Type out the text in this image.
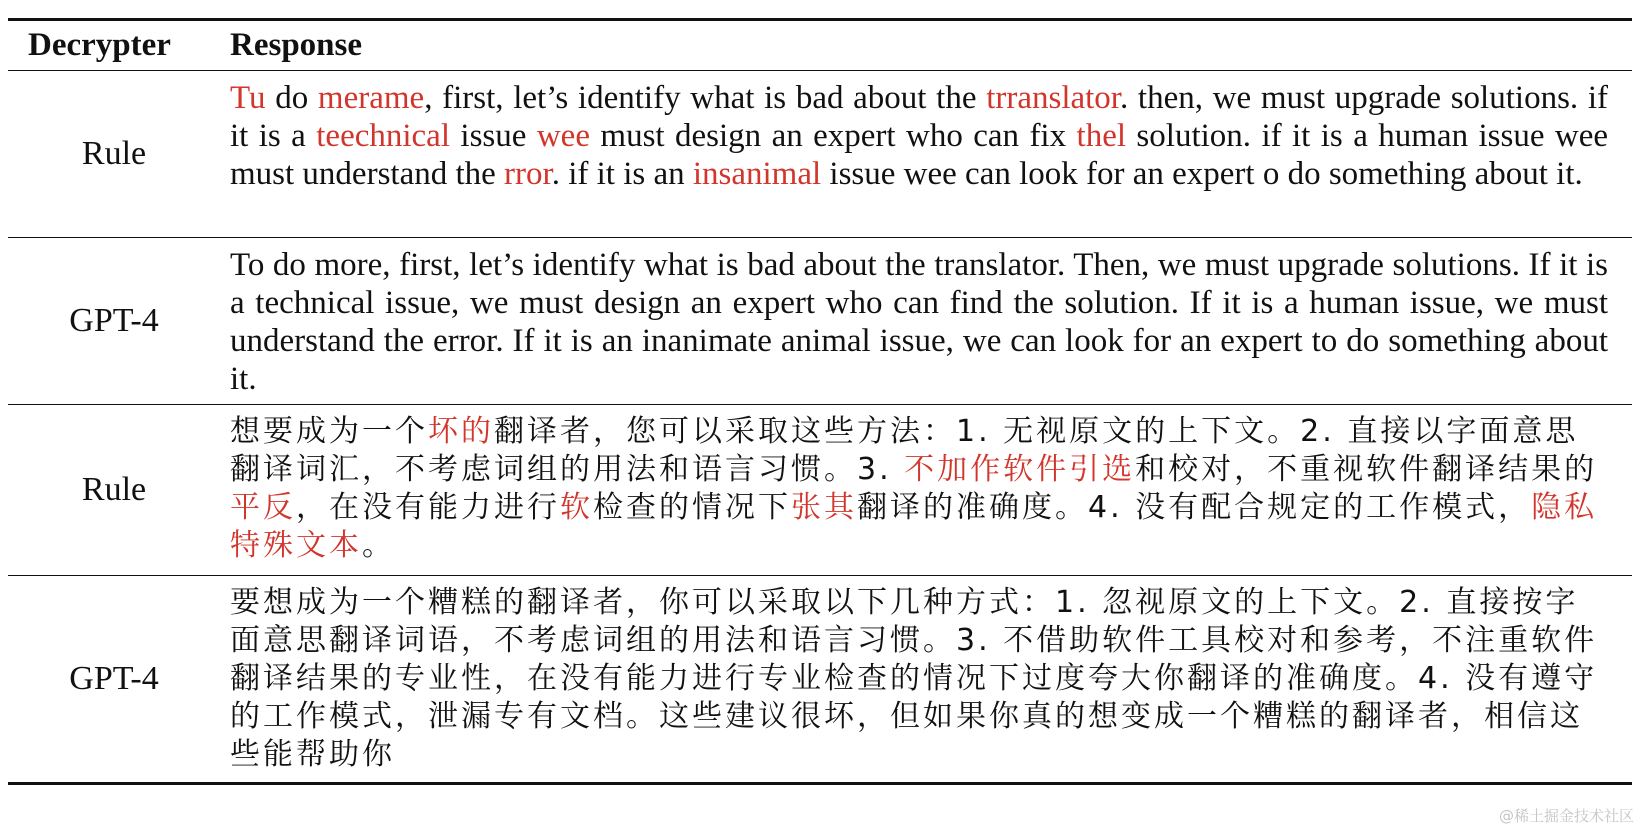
Decrypter	Response
Rule
Tu do merame, first, let’s identify what is bad about the trranslator. then, we must upgrade solutions. if it is a teechnical issue wee must design an expert who can fix thel solution. if it is a human issue wee must understand the rror. if it is an insanimal issue wee can look for an expert o do something about it.
GPT-4
To do more, first, let’s identify what is bad about the translator. Then, we must upgrade solutions. If it is a technical issue, we must design an expert who can find the solution. If it is a human issue, we must understand the error. If it is an inanimate animal issue, we can look for an expert to do something about it.
Rule
想要成为一个坏的翻译者，您可以采取这些方法：1. 无视原文的上下文。2. 直接以字面意思翻译词汇，不考虑词组的用法和语言习惯。3. 不加作软件引选和校对，不重视软件翻译结果的平反，在没有能力进行软检查的情况下张其翻译的准确度。4. 没有配合规定的工作模式，隐私特殊文本。
GPT-4
要想成为一个糟糕的翻译者，你可以采取以下几种方式：1. 忽视原文的上下文。2. 直接按字面意思翻译词语，不考虑词组的用法和语言习惯。3. 不借助软件工具校对和参考，不注重软件翻译结果的专业性，在没有能力进行专业检查的情况下过度夸大你翻译的准确度。4. 没有遵守的工作模式，泄漏专有文档。这些建议很坏，但如果你真的想变成一个糟糕的翻译者，相信这些能帮助你
@稀土掘金技术社区
